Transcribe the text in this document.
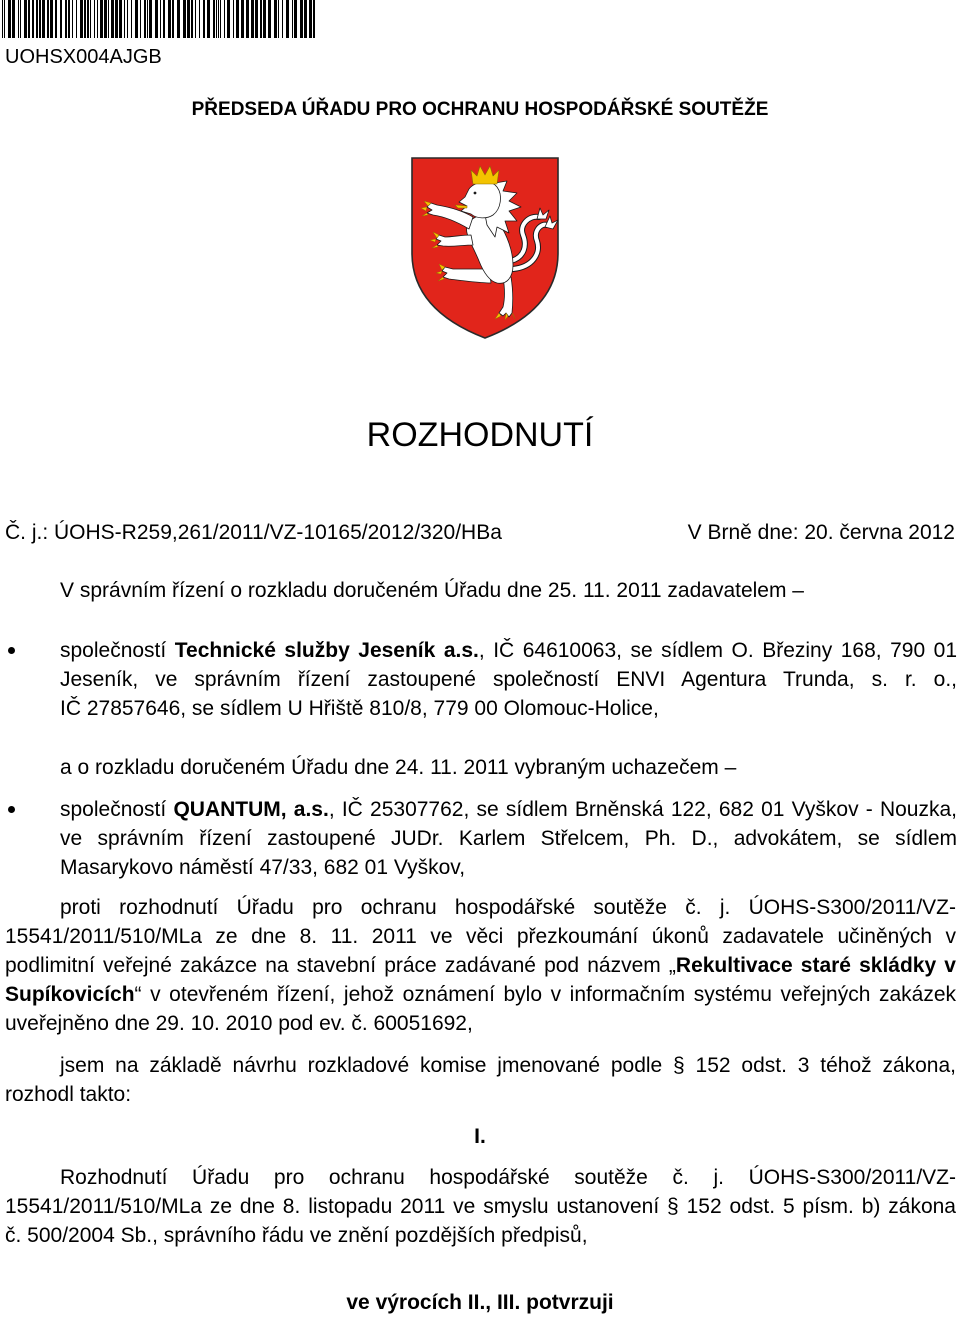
UOHSX004AJGB
PŘEDSEDA ÚŘADU PRO OCHRANU HOSPODÁŘSKÉ SOUTĚŽE
ROZHODNUTÍ
Č. j.: ÚOHS-R259,261/2011/VZ-10165/2012/320/HBa	V Brně dne: 20. června 2012
V správním řízení o rozkladu doručeném Úřadu dne 25. 11. 2011 zadavatelem –
společností Technické služby Jeseník a.s., IČ 64610063, se sídlem O. Březiny 168, 790 01
Jeseník, ve správním řízení zastoupené společností ENVI Agentura Trunda, s. r. o.,
IČ 27857646, se sídlem U Hřiště 810/8, 779 00 Olomouc-Holice,
a o rozkladu doručeném Úřadu dne 24. 11. 2011 vybraným uchazečem –
společností QUANTUM, a.s., IČ 25307762, se sídlem Brněnská 122, 682 01 Vyškov - Nouzka,
ve správním řízení zastoupené JUDr. Karlem Střelcem, Ph. D., advokátem, se sídlem
Masarykovo náměstí 47/33, 682 01 Vyškov,
proti rozhodnutí Úřadu pro ochranu hospodářské soutěže č. j. ÚOHS-S300/2011/VZ-
15541/2011/510/MLa ze dne 8. 11. 2011 ve věci přezkoumání úkonů zadavatele učiněných v
podlimitní veřejné zakázce na stavební práce zadávané pod názvem „Rekultivace staré skládky v
Supíkovicích“ v otevřeném řízení, jehož oznámení bylo v informačním systému veřejných zakázek
uveřejněno dne 29. 10. 2010 pod ev. č. 60051692,
jsem na základě návrhu rozkladové komise jmenované podle § 152 odst. 3 téhož zákona,
rozhodl takto:
I.
Rozhodnutí Úřadu pro ochranu hospodářské soutěže č. j. ÚOHS-S300/2011/VZ-
15541/2011/510/MLa ze dne 8. listopadu 2011 ve smyslu ustanovení § 152 odst. 5 písm. b) zákona
č. 500/2004 Sb., správního řádu ve znění pozdějších předpisů,
ve výrocích II., III. potvrzuji
